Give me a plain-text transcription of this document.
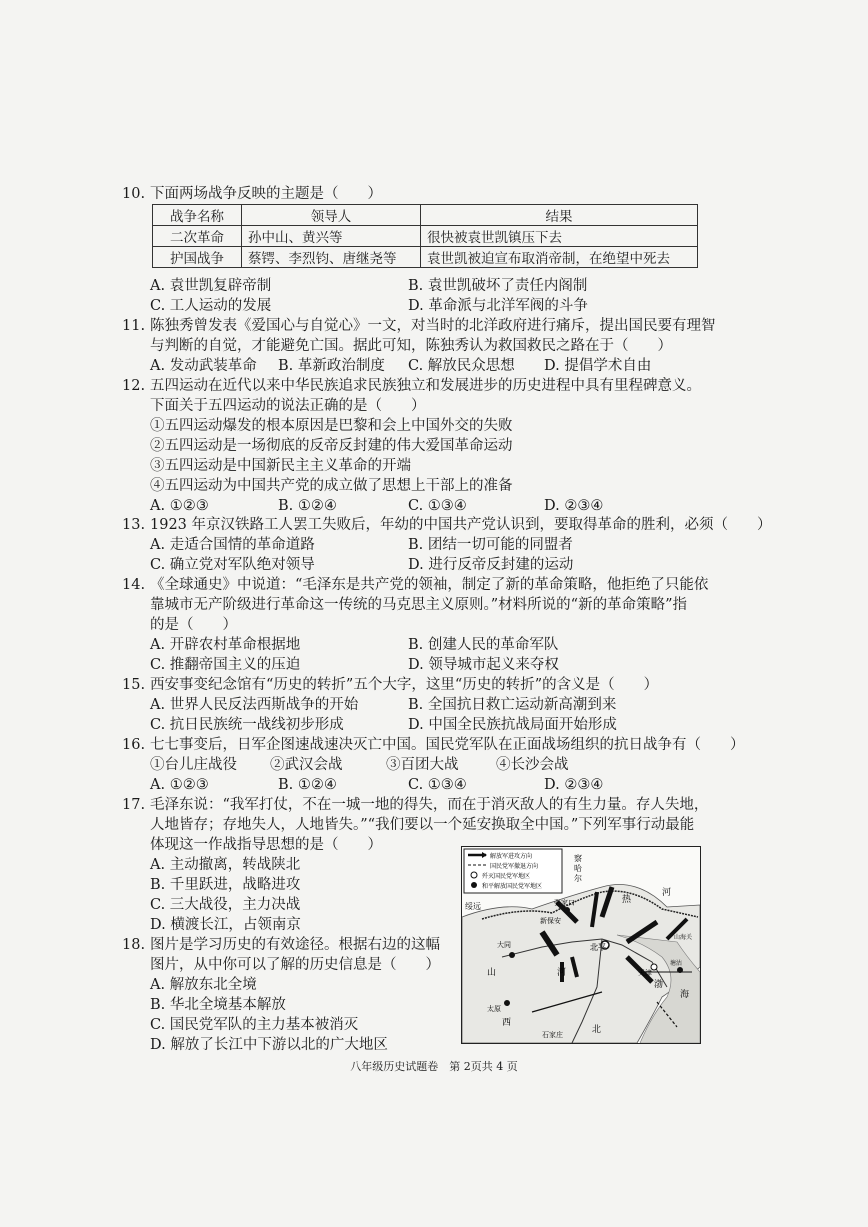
10. 下面两场战争反映的主题是（　　）
战争名称	领导人	结果
二次革命	孙中山、黄兴等	很快被袁世凯镇压下去
护国战争	蔡锷、李烈钧、唐继尧等	袁世凯被迫宣布取消帝制，在绝望中死去
A. 袁世凯复辟帝制	B. 袁世凯破坏了责任内阁制
C. 工人运动的发展	D. 革命派与北洋军阀的斗争
11. 陈独秀曾发表《爱国心与自觉心》一文，对当时的北洋政府进行痛斥，提出国民要有理智
与判断的自觉，才能避免亡国。据此可知，陈独秀认为救国救民之路在于（　　）
A. 发动武装革命 B. 革新政治制度 C. 解放民众思想 D. 提倡学术自由
12. 五四运动在近代以来中华民族追求民族独立和发展进步的历史进程中具有里程碑意义。
下面关于五四运动的说法正确的是（　　）
①五四运动爆发的根本原因是巴黎和会上中国外交的失败
②五四运动是一场彻底的反帝反封建的伟大爱国革命运动
③五四运动是中国新民主主义革命的开端
④五四运动为中国共产党的成立做了思想上干部上的准备
A. ①②③	B. ①②④	C. ①③④	D. ②③④
13. 1923 年京汉铁路工人罢工失败后，年幼的中国共产党认识到，要取得革命的胜利，必须（　　）
A. 走适合国情的革命道路	B. 团结一切可能的同盟者
C. 确立党对军队绝对领导	D. 进行反帝反封建的运动
14. 《全球通史》中说道：“毛泽东是共产党的领袖，制定了新的革命策略，他拒绝了只能依
靠城市无产阶级进行革命这一传统的马克思主义原则。”材料所说的“新的革命策略”指
的是（　　）
A. 开辟农村革命根据地	B. 创建人民的革命军队
C. 推翻帝国主义的压迫	D. 领导城市起义来夺权
15. 西安事变纪念馆有“历史的转折”五个大字，这里“历史的转折”的含义是（　　）
A. 世界人民反法西斯战争的开始	B. 全国抗日救亡运动新高潮到来
C. 抗日民族统一战线初步形成	D. 中国全民族抗战局面开始形成
16. 七七事变后，日军企图速战速决灭亡中国。国民党军队在正面战场组织的抗日战争有（　　）
①台儿庄战役 ②武汉会战	③百团大战	④长沙会战
A. ①②③	B. ①②④	C. ①③④	D. ②③④
17. 毛泽东说：“我军打仗，不在一城一地的得失，而在于消灭敌人的有生力量。存人失地，
人地皆存；存地失人，人地皆失。”“我们要以一个延安换取全中国。”下列军事行动最能
体现这一作战指导思想的是（　　）
A. 主动撤离，转战陕北
B. 千里跃进，战略进攻
C. 三大战役，主力决战
D. 横渡长江，占领南京
18. 图片是学习历史的有效途径。根据右边的这幅
图片，从中你可以了解的历史信息是（　　）
A. 解放东北全境
B. 华北全境基本解放
C. 国民党军队的主力基本被消灭
D. 解放了长江中下游以北的广大地区
解放军进攻方向
国民党军撤退方向
歼灭国民党军地区
和平解放国民党军地区
张家口
新保安
北平
天津
大同
太原
石家庄
绥远
山
西
河
北
渤
海
热
河
察
哈
尔
塘沽
山海关
八年级历史试题卷　第 2页共 4 页
